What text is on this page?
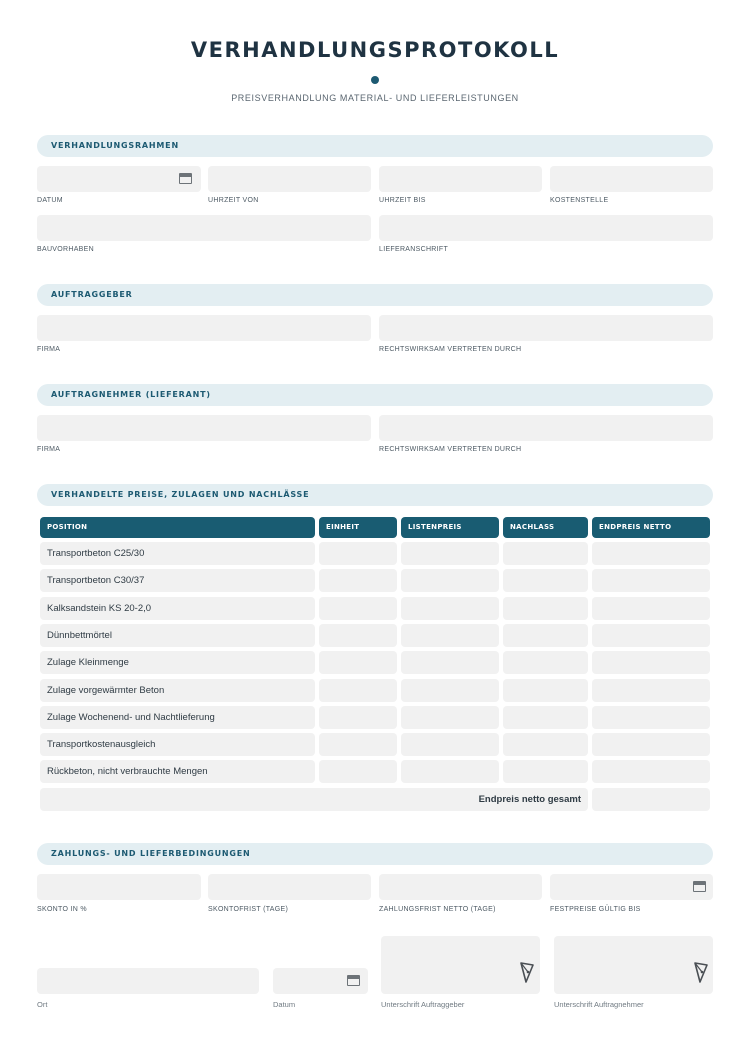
VERHANDLUNGSPROTOKOLL
PREISVERHANDLUNG MATERIAL- UND LIEFERLEISTUNGEN
VERHANDLUNGSRAHMEN
DATUM	UHRZEIT VON	UHRZEIT BIS	KOSTENSTELLE
BAUVORHABEN	LIEFERANSCHRIFT
AUFTRAGGEBER
FIRMA	RECHTSWIRKSAM VERTRETEN DURCH
AUFTRAGNEHMER (LIEFERANT)
FIRMA	RECHTSWIRKSAM VERTRETEN DURCH
VERHANDELTE PREISE, ZULAGEN UND NACHLÄSSE
POSITION	EINHEIT	LISTENPREIS	NACHLASS	ENDPREIS NETTO
Transportbeton C25/30
Transportbeton C30/37
Kalksandstein KS 20-2,0
Dünnbettmörtel
Zulage Kleinmenge
Zulage vorgewärmter Beton
Zulage Wochenend- und Nachtlieferung
Transportkostenausgleich
Rückbeton, nicht verbrauchte Mengen
Endpreis netto gesamt
ZAHLUNGS- UND LIEFERBEDINGUNGEN
SKONTO IN %	SKONTOFRIST (TAGE)	ZAHLUNGSFRIST NETTO (TAGE)	FESTPREISE GÜLTIG BIS
Ort	Datum	Unterschrift Auftraggeber	Unterschrift Auftragnehmer
